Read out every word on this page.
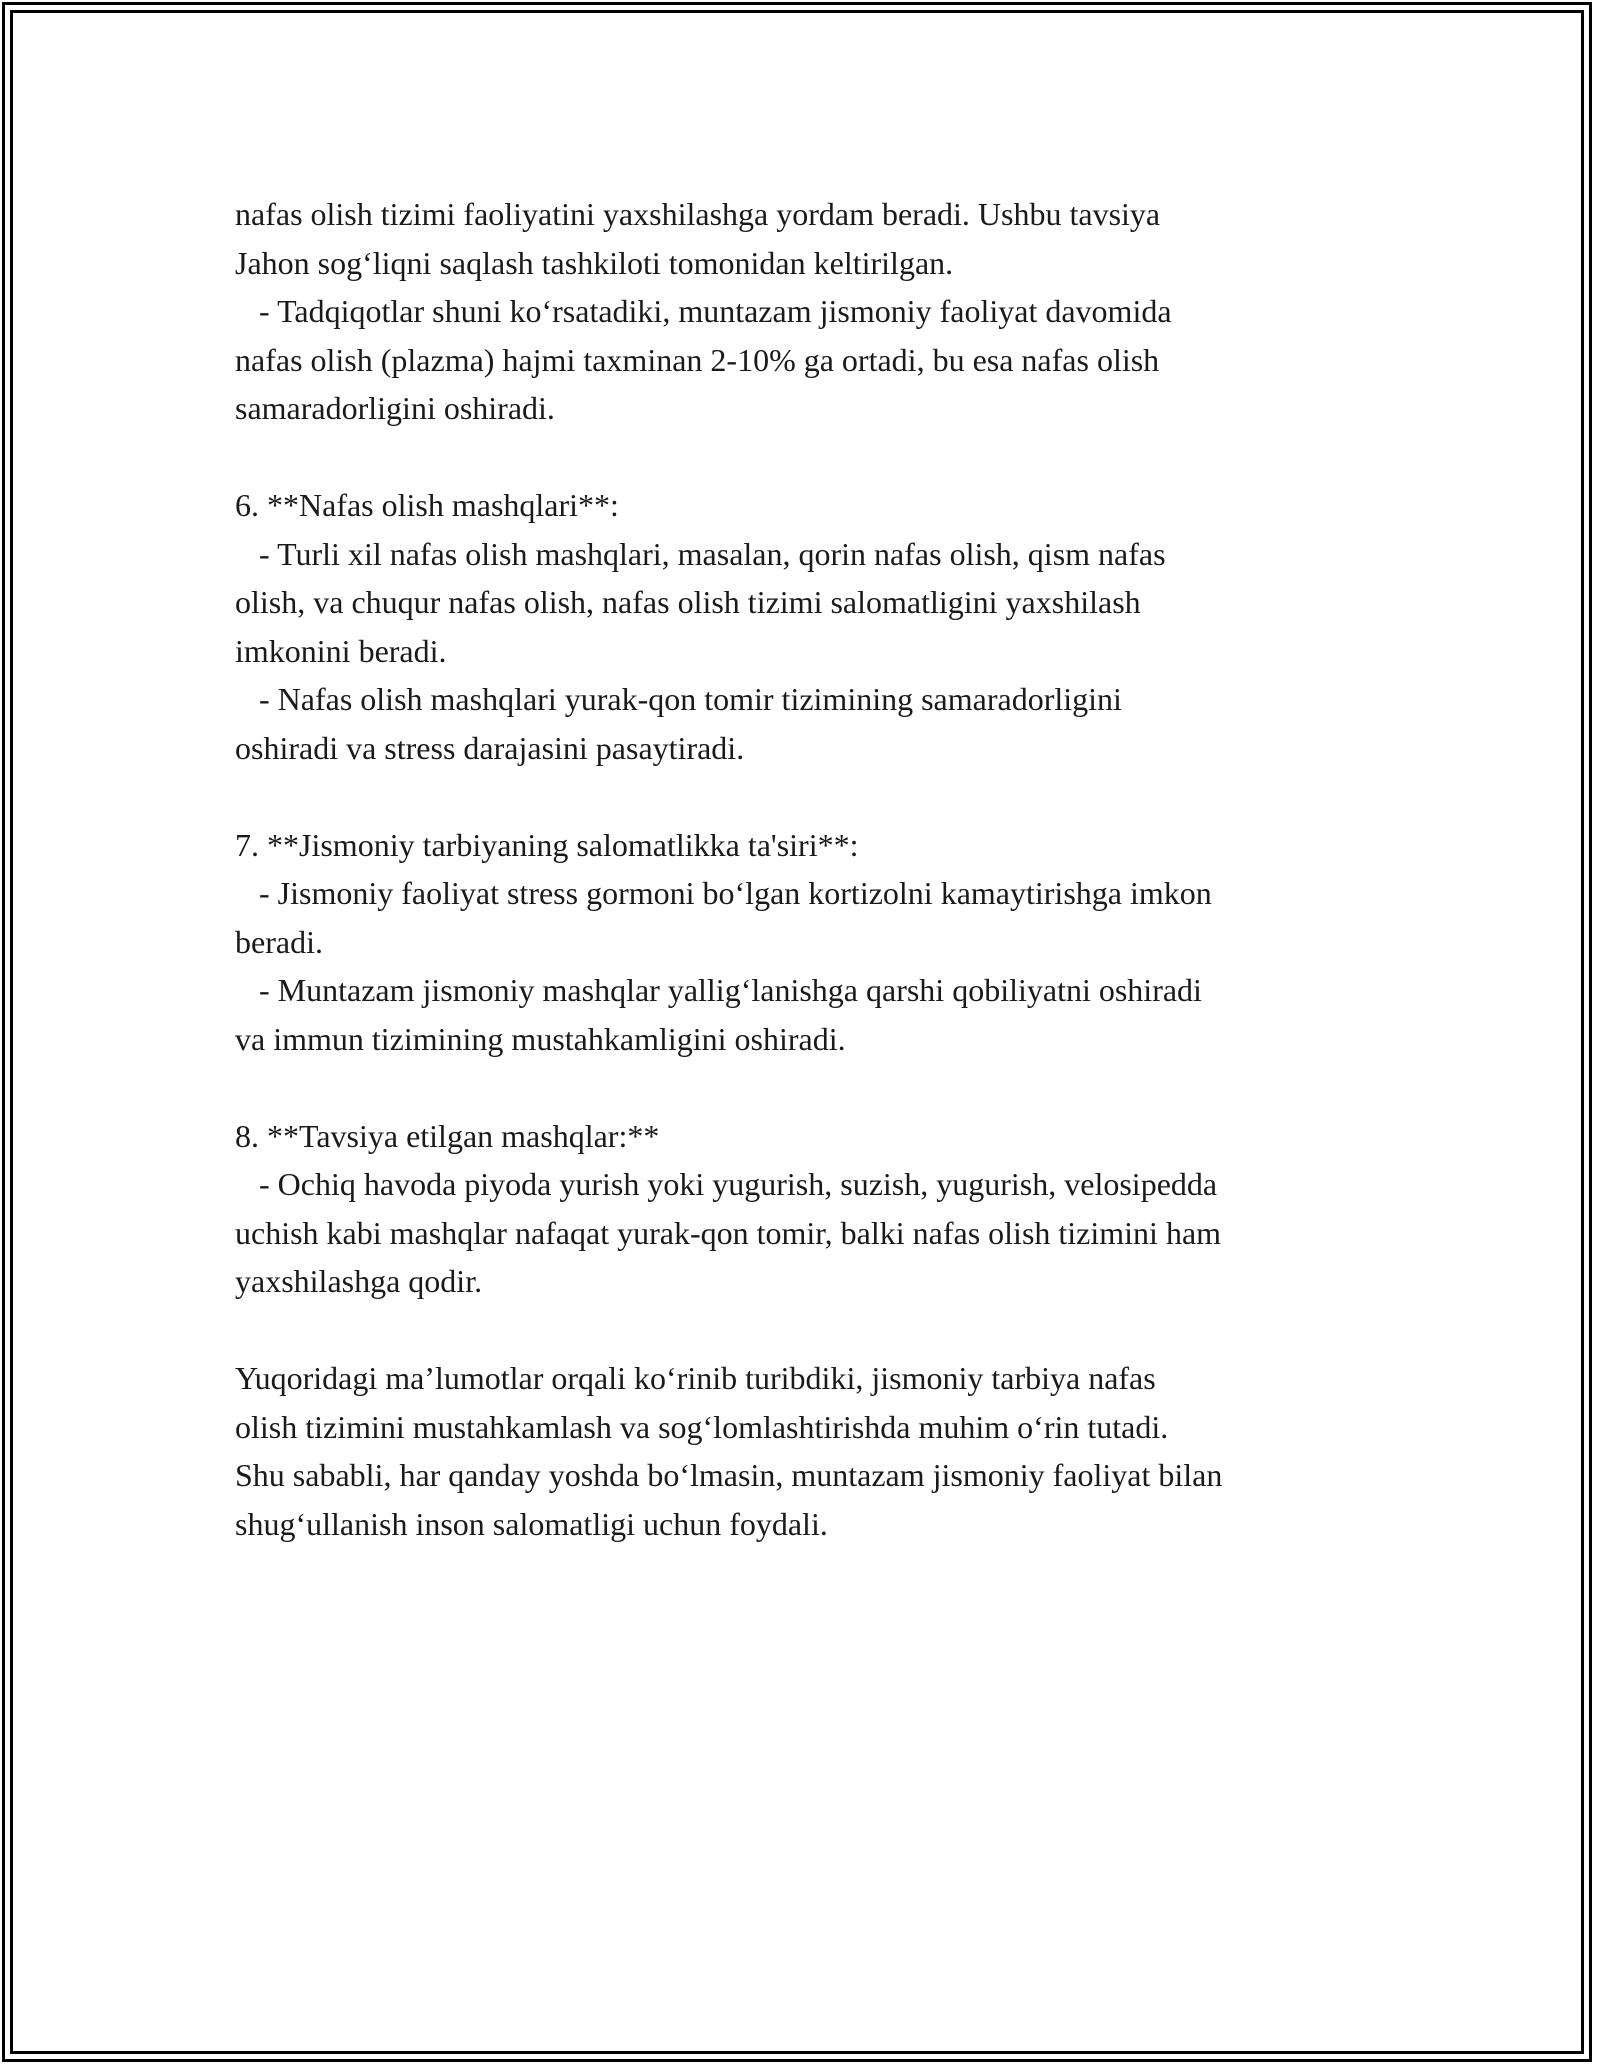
nafas olish tizimi faoliyatini yaxshilashga yordam beradi. Ushbu tavsiya
Jahon sog‘liqni saqlash tashkiloti tomonidan keltirilgan.
- Tadqiqotlar shuni ko‘rsatadiki, muntazam jismoniy faoliyat davomida
nafas olish (plazma) hajmi taxminan 2-10% ga ortadi, bu esa nafas olish
samaradorligini oshiradi.
6. **Nafas olish mashqlari**:
- Turli xil nafas olish mashqlari, masalan, qorin nafas olish, qism nafas
olish, va chuqur nafas olish, nafas olish tizimi salomatligini yaxshilash
imkonini beradi.
- Nafas olish mashqlari yurak-qon tomir tizimining samaradorligini
oshiradi va stress darajasini pasaytiradi.
7. **Jismoniy tarbiyaning salomatlikka ta'siri**:
- Jismoniy faoliyat stress gormoni bo‘lgan kortizolni kamaytirishga imkon
beradi.
- Muntazam jismoniy mashqlar yallig‘lanishga qarshi qobiliyatni oshiradi
va immun tizimining mustahkamligini oshiradi.
8. **Tavsiya etilgan mashqlar:**
- Ochiq havoda piyoda yurish yoki yugurish, suzish, yugurish, velosipedda
uchish kabi mashqlar nafaqat yurak-qon tomir, balki nafas olish tizimini ham
yaxshilashga qodir.
Yuqoridagi ma’lumotlar orqali ko‘rinib turibdiki, jismoniy tarbiya nafas
olish tizimini mustahkamlash va sog‘lomlashtirishda muhim o‘rin tutadi.
Shu sababli, har qanday yoshda bo‘lmasin, muntazam jismoniy faoliyat bilan
shug‘ullanish inson salomatligi uchun foydali.
